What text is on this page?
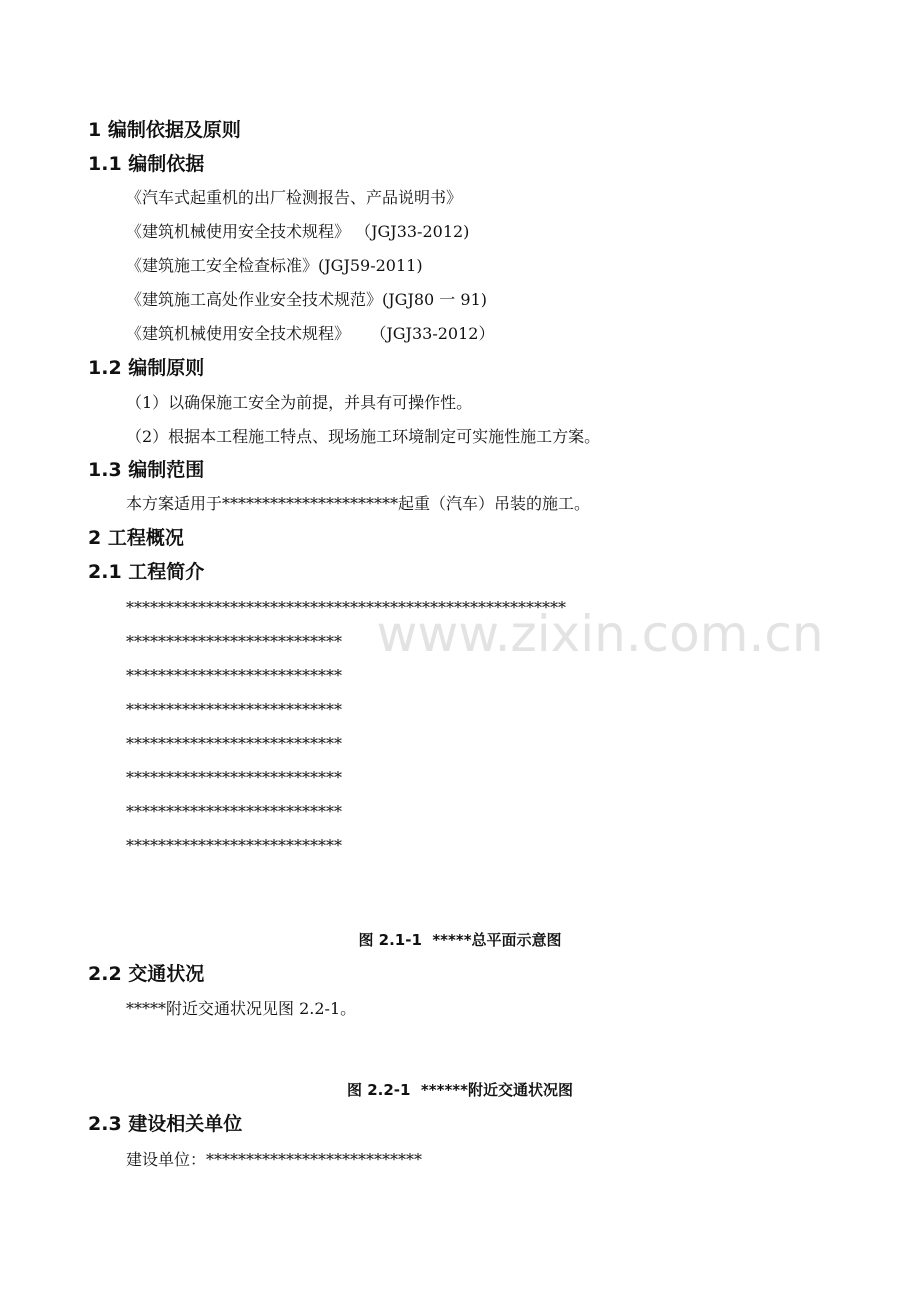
www.zixin.com.cn
1 编制依据及原则
1.1 编制依据
《汽车式起重机的出厂检测报告、产品说明书》
《建筑机械使用安全技术规程》 （JGJ33-2012)
《建筑施工安全检查标准》(JGJ59-2011)
《建筑施工高处作业安全技术规范》(JGJ80 一 91)
《建筑机械使用安全技术规程》    （JGJ33-2012）
1.2 编制原则
（1）以确保施工安全为前提，并具有可操作性。
（2）根据本工程施工特点、现场施工环境制定可实施性施工方案。
1.3 编制范围
本方案适用于**********************起重（汽车）吊装的施工。
2 工程概况
2.1 工程简介
*******************************************************
***************************
***************************
***************************
***************************
***************************
***************************
***************************
图 2.1-1  *****总平面示意图
2.2 交通状况
*****附近交通状况见图 2.2-1。
图 2.2-1  ******附近交通状况图
2.3 建设相关单位
建设单位：***************************
